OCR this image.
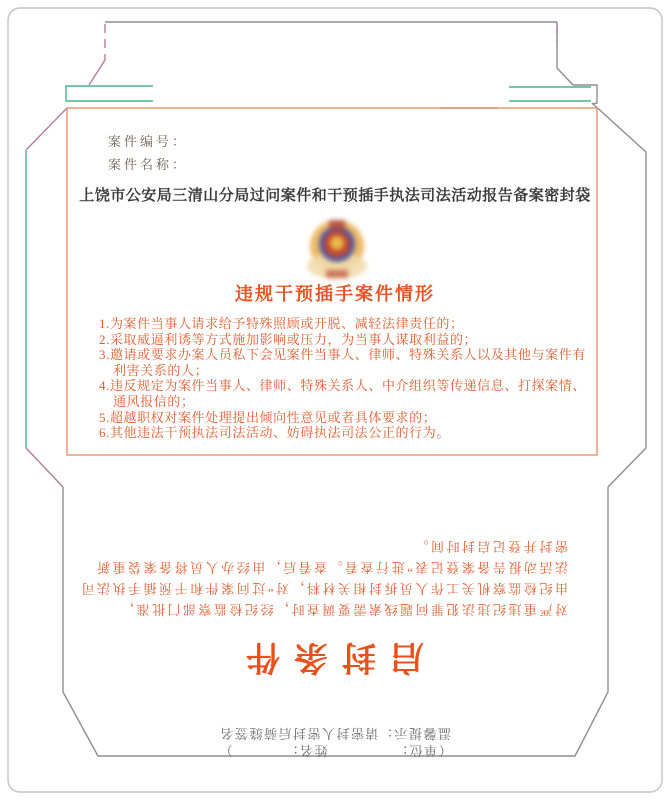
案件编号：
案件名称：
上饶市公安局三清山分局过问案件和干预插手执法司法活动报告备案密封袋
违规干预插手案件情形
1.为案件当事人请求给予特殊照顾或开脱、减轻法律责任的；
2.采取威逼利诱等方式施加影响或压力，为当事人谋取利益的；
3.邀请或要求办案人员私下会见案件当事人、律师、特殊关系人以及其他与案件有利害关系的人；
4.违反规定为案件当事人、律师、特殊关系人、中介组织等传递信息、打探案情、通风报信的；
5.超越职权对案件处理提出倾向性意见或者具体要求的；
6.其他违法干预执法司法活动、妨碍执法司法公正的行为。
（单位：　　　　　姓名：　　　　）
温馨提示：请密封人密封后骑缝签名
启封条件
对严重违纪违法犯罪问题线索需要调查时，经纪检监察部门批准，
由纪检监察机关工作人员拆封相关材料，对“过问案件和干预插手执法司
法活动报告备案登记表”进行查看。查看后，由经办人员将备案袋重新
密封并登记启封时间。
